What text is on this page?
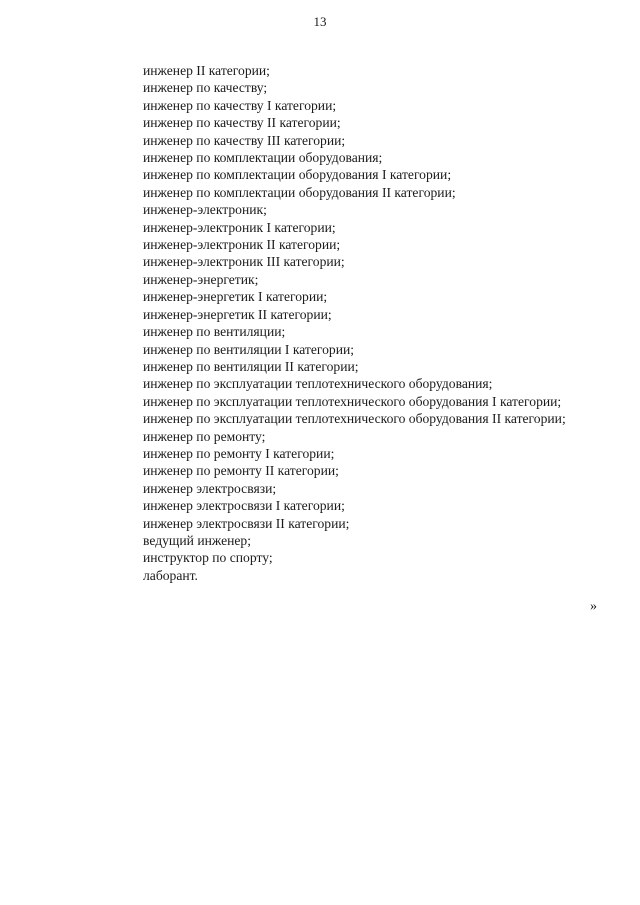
13
инженер II категории;
инженер по качеству;
инженер по качеству I категории;
инженер по качеству II категории;
инженер по качеству III категории;
инженер по комплектации оборудования;
инженер по комплектации оборудования I категории;
инженер по комплектации оборудования II категории;
инженер-электроник;
инженер-электроник I категории;
инженер-электроник II категории;
инженер-электроник III категории;
инженер-энергетик;
инженер-энергетик I категории;
инженер-энергетик II категории;
инженер по вентиляции;
инженер по вентиляции I категории;
инженер по вентиляции II категории;
инженер по эксплуатации теплотехнического оборудования;
инженер по эксплуатации теплотехнического оборудования I категории;
инженер по эксплуатации теплотехнического оборудования II категории;
инженер по ремонту;
инженер по ремонту I категории;
инженер по ремонту II категории;
инженер электросвязи;
инженер электросвязи I категории;
инженер электросвязи II категории;
ведущий инженер;
инструктор по спорту;
лаборант.
»
